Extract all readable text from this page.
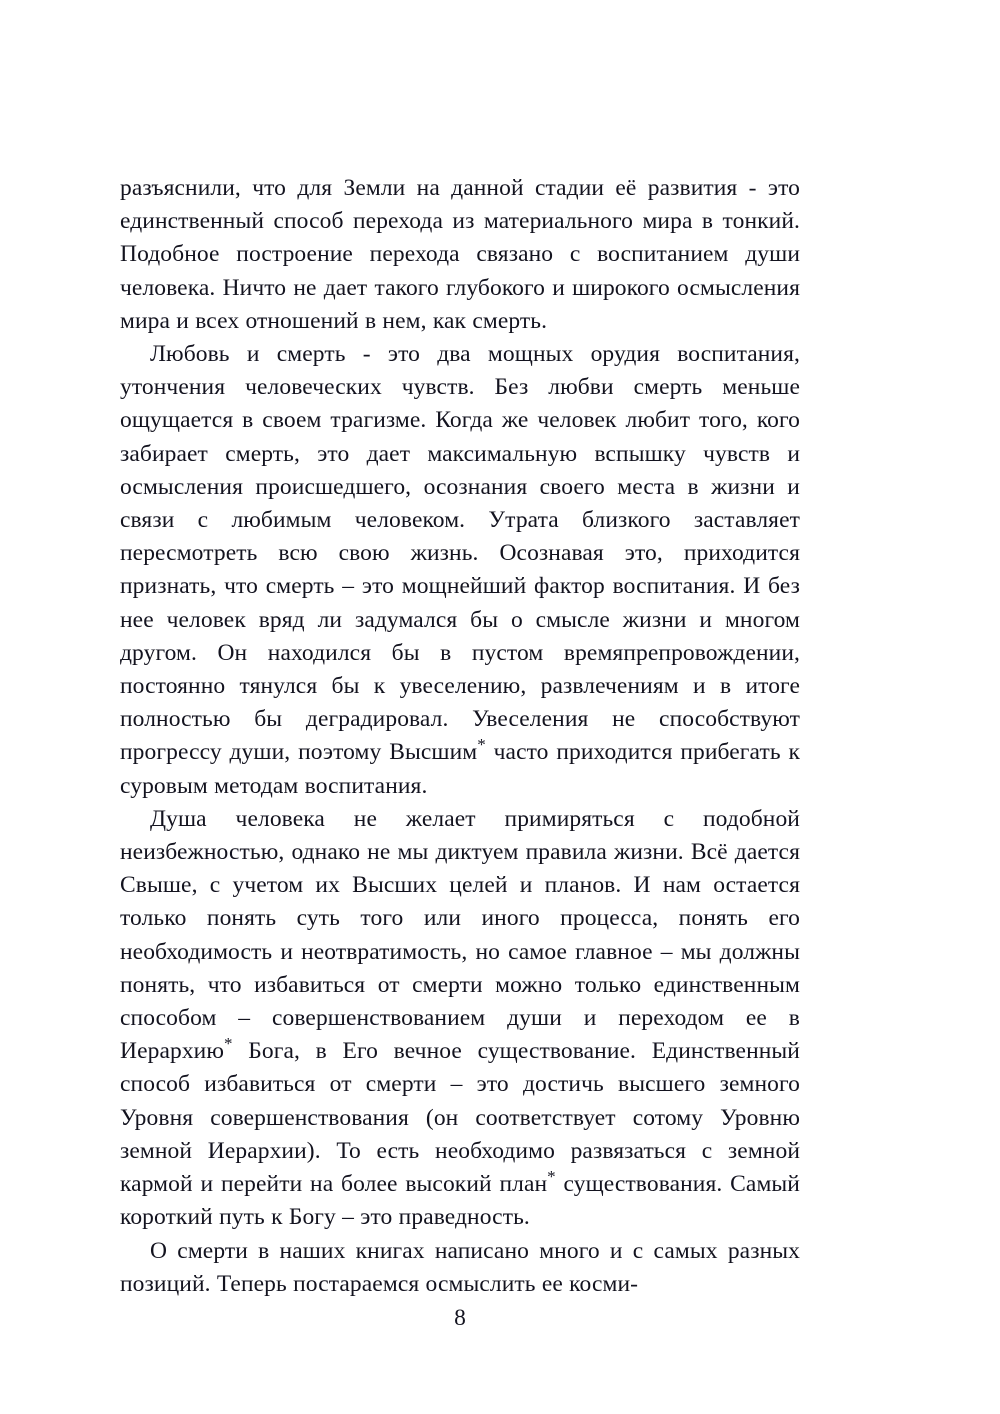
разъяснили, что для Земли на данной стадии её развития - это единственный способ перехода из материального мира в тонкий. Подобное построение перехода связано с воспитанием души человека. Ничто не дает такого глубокого и широкого осмысления мира и всех отношений в нем, как смерть.

Любовь и смерть - это два мощных орудия воспитания, утончения человеческих чувств. Без любви смерть меньше ощущается в своем трагизме. Когда же человек любит того, кого забирает смерть, это дает максимальную вспышку чувств и осмысления происшедшего, осознания своего места в жизни и связи с любимым человеком. Утрата близкого заставляет пересмотреть всю свою жизнь. Осознавая это, приходится признать, что смерть – это мощнейший фактор воспитания. И без нее человек вряд ли задумался бы о смысле жизни и многом другом. Он находился бы в пустом времяпрепровождении, постоянно тянулся бы к увеселению, развлечениям и в итоге полностью бы деградировал. Увеселения не способствуют прогрессу души, поэтому Высшим* часто приходится прибегать к суровым методам воспитания.

Душа человека не желает примиряться с подобной неизбежностью, однако не мы диктуем правила жизни. Всё дается Свыше, с учетом их Высших целей и планов. И нам остается только понять суть того или иного процесса, понять его необходимость и неотвратимость, но самое главное – мы должны понять, что избавиться от смерти можно только единственным способом – совершенствованием души и переходом ее в Иерархию* Бога, в Его вечное существование. Единственный способ избавиться от смерти – это достичь высшего земного Уровня совершенствования (он соответствует сотому Уровню земной Иерархии). То есть необходимо развязаться с земной кармой и перейти на более высокий план* существования. Самый короткий путь к Богу – это праведность.

О смерти в наших книгах написано много и с самых разных позиций. Теперь постараемся осмыслить ее косми-

8
